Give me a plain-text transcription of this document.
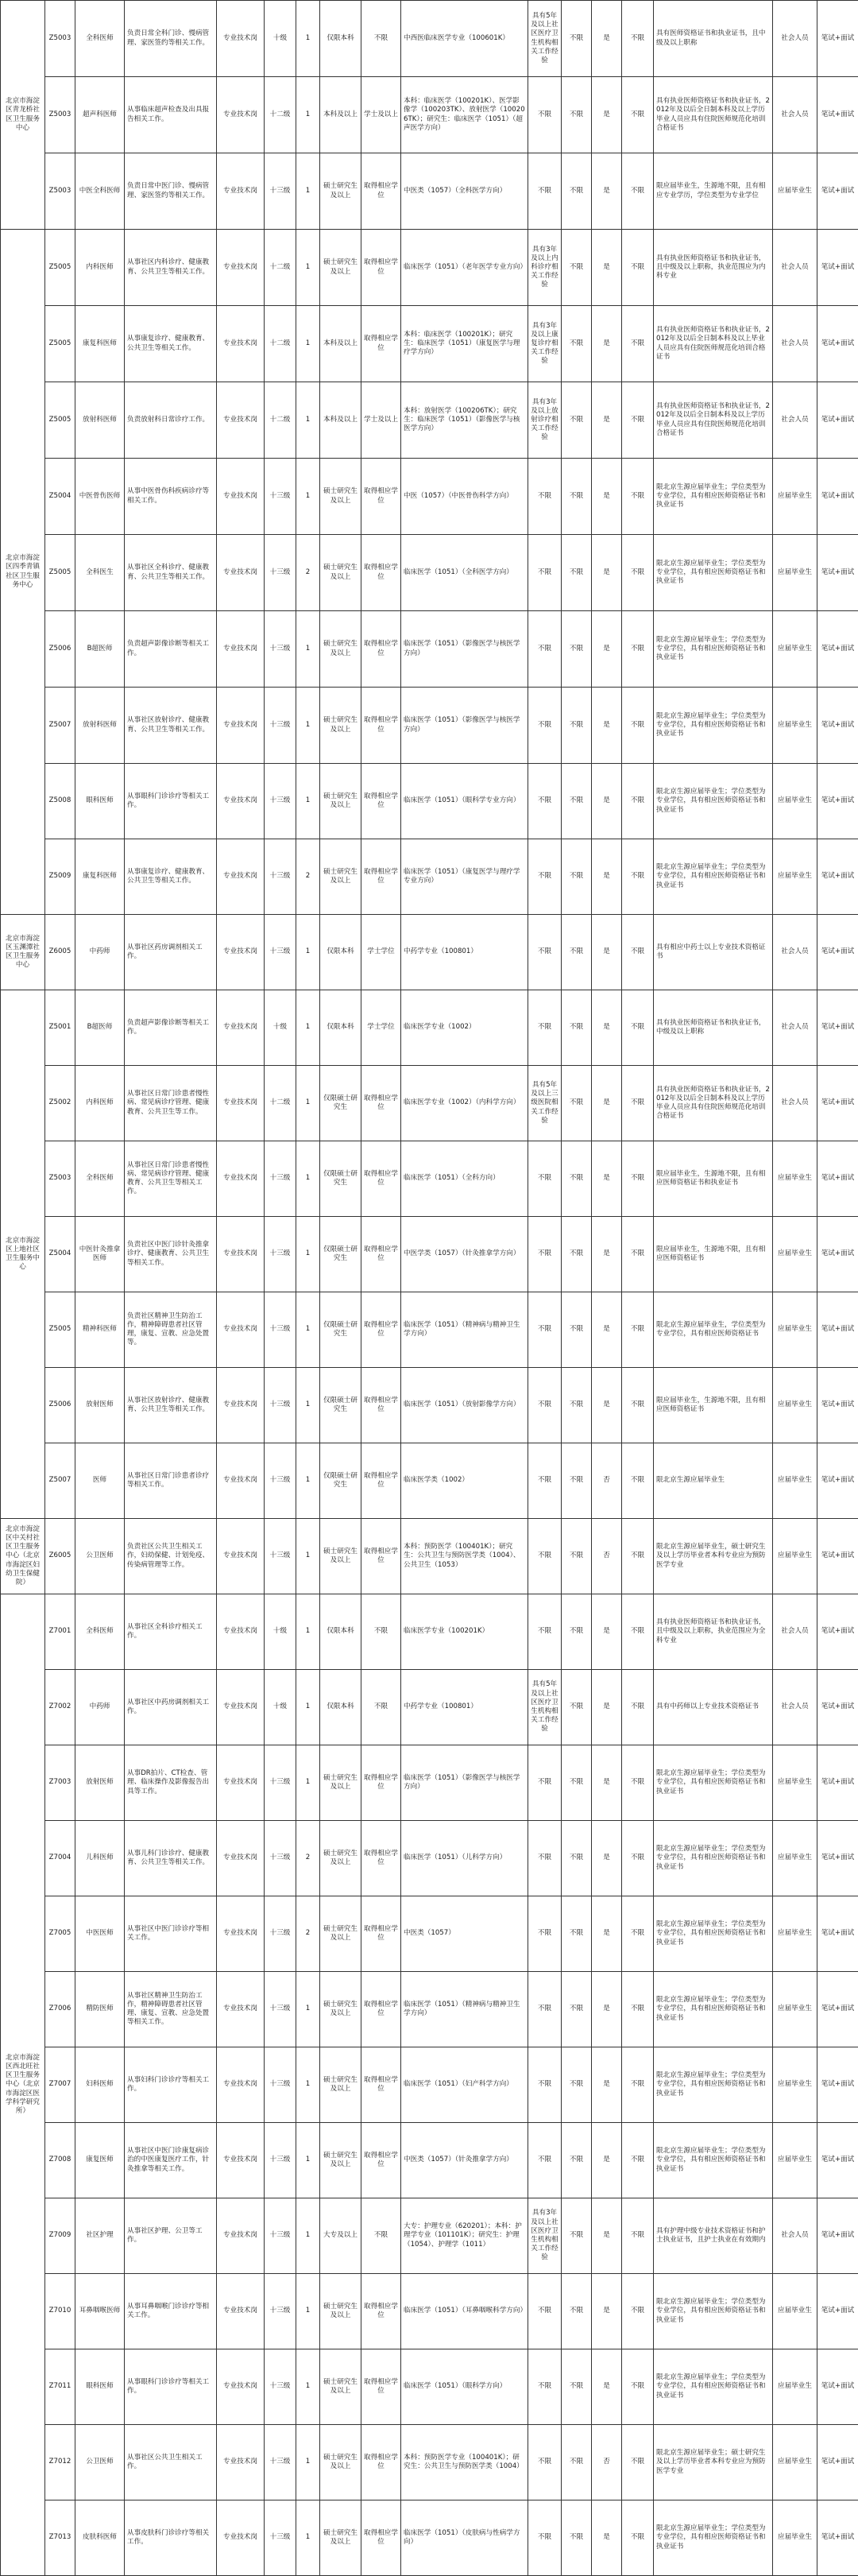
北京市海淀区青龙桥社区卫生服务中心	Z5003	全科医师	负责日常全科门诊、慢病管理、家医签约等相关工作。	专业技术岗	十级	1	仅限本科	不限	中西医临床医学专业（100601K）	具有5年及以上社区医疗卫生机构相关工作经验	不限	是	不限	具有医师资格证书和执业证书，且中级及以上职称	社会人员	笔试+面试
	Z5003	超声科医师	从事临床超声检查及出具报告相关工作。	专业技术岗	十二级	1	本科及以上	学士及以上	本科：临床医学（100201K）、医学影像学（100203TK）、放射医学（100206TK）；研究生：临床医学（1051）（超声医学方向）	不限	不限	是	不限	具有执业医师资格证书和执业证书，2012年及以后全日制本科及以上学历毕业人员应具有住院医师规范化培训合格证书	社会人员	笔试+面试
	Z5003	中医全科医师	负责日常中医门诊、慢病管理、家医签约等相关工作。	专业技术岗	十三级	1	硕士研究生及以上	取得相应学位	中医类（1057）（全科医学方向）	不限	不限	是	不限	限应届毕业生，生源地不限，且有相应专业学历，学位类型为专业学位	应届毕业生	笔试+面试
北京市海淀区四季青镇社区卫生服务中心	Z5005	内科医师	从事社区内科诊疗、健康教育、公共卫生等相关工作。	专业技术岗	十二级	1	硕士研究生及以上	取得相应学位	临床医学（1051）（老年医学专业方向）	具有3年及以上内科诊疗相关工作经验	不限	是	不限	具有执业医师资格证书和执业证书，且中级及以上职称，执业范围应为内科专业	社会人员	笔试+面试
	Z5005	康复科医师	从事康复诊疗、健康教育、公共卫生等相关工作。	专业技术岗	十二级	1	本科及以上	取得相应学位	本科：临床医学（100201K）；研究生：临床医学（1051）（康复医学与理疗学方向）	具有3年及以上康复诊疗相关工作经验	不限	是	不限	具有执业医师资格证书和执业证书，2012年及以后全日制本科及以上毕业人员应具有住院医师规范化培训合格证书	社会人员	笔试+面试
	Z5005	放射科医师	负责放射科日常诊疗工作。	专业技术岗	十二级	1	本科及以上	学士及以上	本科：放射医学（100206TK）；研究生：临床医学（1051）（影像医学与核医学方向）	具有3年及以上放射诊疗相关工作经验	不限	是	不限	具有执业医师资格证书和执业证书，2012年及以后全日制本科及以上学历毕业人员应具有住院医师规范化培训合格证书	社会人员	笔试+面试
	Z5004	中医骨伤医师	从事中医骨伤科疾病诊疗等相关工作。	专业技术岗	十三级	1	硕士研究生及以上	取得相应学位	中医（1057）（中医骨伤科学方向）	不限	不限	是	不限	限北京生源应届毕业生；学位类型为专业学位，具有相应医师资格证书和执业证书	应届毕业生	笔试+面试
	Z5005	全科医生	从事社区全科诊疗、健康教育、公共卫生等相关工作。	专业技术岗	十三级	2	硕士研究生及以上	取得相应学位	临床医学（1051）（全科医学方向）	不限	不限	是	不限	限北京生源应届毕业生；学位类型为专业学位，具有相应医师资格证书和执业证书	应届毕业生	笔试+面试
	Z5006	B超医师	负责超声影像诊断等相关工作。	专业技术岗	十三级	1	硕士研究生及以上	取得相应学位	临床医学（1051）（影像医学与核医学方向）	不限	不限	是	不限	限北京生源应届毕业生；学位类型为专业学位，具有相应医师资格证书和执业证书	应届毕业生	笔试+面试
	Z5007	放射科医师	从事社区放射诊疗、健康教育、公共卫生等相关工作。	专业技术岗	十三级	1	硕士研究生及以上	取得相应学位	临床医学（1051）（影像医学与核医学方向）	不限	不限	是	不限	限北京生源应届毕业生；学位类型为专业学位，具有相应医师资格证书和执业证书	应届毕业生	笔试+面试
	Z5008	眼科医师	从事眼科门诊诊疗等相关工作。	专业技术岗	十三级	1	硕士研究生及以上	取得相应学位	临床医学（1051）（眼科学专业方向）	不限	不限	是	不限	限北京生源应届毕业生；学位类型为专业学位，具有相应医师资格证书和执业证书	应届毕业生	笔试+面试
	Z5009	康复科医师	从事康复诊疗、健康教育、公共卫生等相关工作。	专业技术岗	十三级	2	硕士研究生及以上	取得相应学位	临床医学（1051）（康复医学与理疗学专业方向）	不限	不限	是	不限	限北京生源应届毕业生；学位类型为专业学位，具有相应医师资格证书和执业证书	应届毕业生	笔试+面试
北京市海淀区玉渊潭社区卫生服务中心	Z6005	中药师	从事社区药房调剂相关工作。	专业技术岗	十三级	1	仅限本科	学士学位	中药学专业（100801）	不限	不限	是	不限	具有相应中药士以上专业技术资格证书	社会人员	笔试+面试
北京市海淀区上地社区卫生服务中心	Z5001	B超医师	负责超声影像诊断等相关工作。	专业技术岗	十级	1	仅限本科	学士学位	临床医学专业（1002）	不限	不限	是	不限	具有执业医师资格证书和执业证书，中级及以上职称	社会人员	笔试+面试
	Z5002	内科医师	从事社区日常门诊患者慢性病、常见病诊疗管理、健康教育、公共卫生等工作。	专业技术岗	十二级	1	仅限硕士研究生	取得相应学位	临床医学专业（1002）（内科学方向）	具有5年及以上三级医院相关工作经验	不限	是	不限	具有执业医师资格证书和执业证书，2012年及以后全日制本科及以上学历毕业人员应具有住院医师规范化培训合格证书	社会人员	笔试+面试
	Z5003	全科医师	从事社区日常门诊患者慢性病、常见病诊疗管理、健康教育、公共卫生等相关工作。	专业技术岗	十三级	1	仅限硕士研究生	取得相应学位	临床医学（1051）（全科方向）	不限	不限	是	不限	限应届毕业生，生源地不限，且有相应医师资格证书和执业证书	应届毕业生	笔试+面试
	Z5004	中医针灸推拿医师	负责社区中医门诊针灸推拿诊疗、健康教育、公共卫生等相关工作。	专业技术岗	十三级	1	仅限硕士研究生	取得相应学位	中医学类（1057）（针灸推拿学方向）	不限	不限	是	不限	限应届毕业生，生源地不限，且有相应医师资格证书	应届毕业生	笔试+面试
	Z5005	精神科医师	负责社区精神卫生防治工作，精神障碍患者社区管理，康复、宣教、应急处置等。	专业技术岗	十三级	1	仅限硕士研究生	取得相应学位	临床医学（1051）（精神病与精神卫生学方向）	不限	不限	是	不限	限北京生源应届毕业生，学位类型为专业学位，具有相应医师资格证书	应届毕业生	笔试+面试
	Z5006	放射医师	从事社区放射诊疗、健康教育、公共卫生等相关工作。	专业技术岗	十三级	1	仅限硕士研究生	取得相应学位	临床医学（1051）（放射影像学方向）	不限	不限	是	不限	限应届毕业生，生源地不限，且有相应医师资格证书	应届毕业生	笔试+面试
	Z5007	医师	从事社区日常门诊患者诊疗等相关工作。	专业技术岗	十三级	1	仅限硕士研究生	取得相应学位	临床医学类（1002）	不限	不限	否	不限	限北京生源应届毕业生	应届毕业生	笔试+面试
北京市海淀区中关村社区卫生服务中心（北京市海淀区妇幼卫生保健院）	Z6005	公卫医师	负责社区公共卫生相关工作，妇幼保健、计划免疫、传染病管理等工作。	专业技术岗	十三级	1	硕士研究生及以上	取得相应学位	本科：预防医学（100401K）；研究生：公共卫生与预防医学类（1004）、公共卫生（1053）	不限	不限	否	不限	限北京生源应届毕业生，硕士研究生及以上学历毕业者本科专业应为预防医学专业	应届毕业生	笔试+面试
北京市海淀区西北旺社区卫生服务中心（北京市海淀区医学科学研究所）	Z7001	全科医师	从事社区全科诊疗相关工作。	专业技术岗	十级	1	仅限本科	不限	临床医学专业（100201K）	不限	不限	是	不限	具有执业医师资格证书和执业证书，且中级及以上职称，执业范围应为全科专业	社会人员	笔试+面试
	Z7002	中药师	从事社区中药房调剂相关工作。	专业技术岗	十级	1	仅限本科	不限	中药学专业（100801）	具有5年及以上社区医疗卫生机构相关工作经验	不限	是	不限	具有中药师以上专业技术资格证书	社会人员	笔试+面试
	Z7003	放射医师	从事DR拍片、CT检查、管理、临床操作及影像报告出具等工作。	专业技术岗	十三级	1	硕士研究生及以上	取得相应学位	临床医学（1051）（影像医学与核医学方向）	不限	不限	是	不限	限北京生源应届毕业生；学位类型为专业学位，具有相应医师资格证书和执业证书	应届毕业生	笔试+面试
	Z7004	儿科医师	从事儿科门诊诊疗、健康教育、公共卫生等相关工作。	专业技术岗	十三级	2	硕士研究生及以上	取得相应学位	临床医学（1051）（儿科学方向）	不限	不限	是	不限	限北京生源应届毕业生；学位类型为专业学位，具有相应医师资格证书和执业证书	应届毕业生	笔试+面试
	Z7005	中医医师	从事社区中医门诊诊疗等相关工作。	专业技术岗	十三级	2	硕士研究生及以上	取得相应学位	中医类（1057）	不限	不限	是	不限	限北京生源应届毕业生；学位类型为专业学位，具有相应医师资格证书和执业证书	应届毕业生	笔试+面试
	Z7006	精防医师	从事社区精神卫生防治工作，精神障碍患者社区管理、康复、宣教、应急处置等相关工作。	专业技术岗	十三级	1	硕士研究生及以上	取得相应学位	临床医学（1051）（精神病与精神卫生学方向）	不限	不限	是	不限	限北京生源应届毕业生；学位类型为专业学位，具有相应医师资格证书和执业证书	应届毕业生	笔试+面试
	Z7007	妇科医师	从事妇科门诊诊疗等相关工作。	专业技术岗	十三级	1	硕士研究生及以上	取得相应学位	临床医学（1051）（妇产科学方向）	不限	不限	是	不限	限北京生源应届毕业生；学位类型为专业学位，具有相应医师资格证书和执业证书	应届毕业生	笔试+面试
	Z7008	康复医师	从事社区中医门诊康复病诊治的中医康复医疗工作，针灸推拿等相关工作。	专业技术岗	十三级	1	硕士研究生及以上	取得相应学位	中医类（1057）（针灸推拿学方向）	不限	不限	是	不限	限北京生源应届毕业生；学位类型为专业学位，具有相应医师资格证书和执业证书	应届毕业生	笔试+面试
	Z7009	社区护理	从事社区护理、公卫等工作。	专业技术岗	十三级	1	大专及以上	不限	大专：护理专业（620201）；本科：护理学专业（101101K）；研究生：护理（1054）、护理学（1011）	具有3年及以上社区医疗卫生机构相关工作经验	不限	是	不限	具有护理中级专业技术资格证书和护士执业证书，且护士执业在有效期内	社会人员	笔试+面试
	Z7010	耳鼻咽喉医师	从事耳鼻咽喉门诊诊疗等相关工作。	专业技术岗	十三级	1	硕士研究生及以上	取得相应学位	临床医学（1051）（耳鼻咽喉科学方向）	不限	不限	是	不限	限北京生源应届毕业生；学位类型为专业学位，具有相应医师资格证书和执业证书	应届毕业生	笔试+面试
	Z7011	眼科医师	从事眼科门诊诊疗等相关工作。	专业技术岗	十三级	1	硕士研究生及以上	取得相应学位	临床医学（1051）（眼科学方向）	不限	不限	是	不限	限北京生源应届毕业生；学位类型为专业学位，具有相应医师资格证书和执业证书	应届毕业生	笔试+面试
	Z7012	公卫医师	从事社区公共卫生相关工作。	专业技术岗	十三级	1	硕士研究生及以上	取得相应学位	本科：预防医学专业（100401K）；研究生：公共卫生与预防医学类（1004）	不限	不限	否	不限	限北京生源应届毕业生；硕士研究生及以上学历毕业者本科专业应为预防医学专业	应届毕业生	笔试+面试
	Z7013	皮肤科医师	从事皮肤科门诊诊疗等相关工作。	专业技术岗	十三级	1	硕士研究生及以上	取得相应学位	临床医学（1051）（皮肤病与性病学方向）	不限	不限	是	不限	限北京生源应届毕业生；学位类型为专业学位，具有相应医师资格证书和执业证书	应届毕业生	笔试+面试
